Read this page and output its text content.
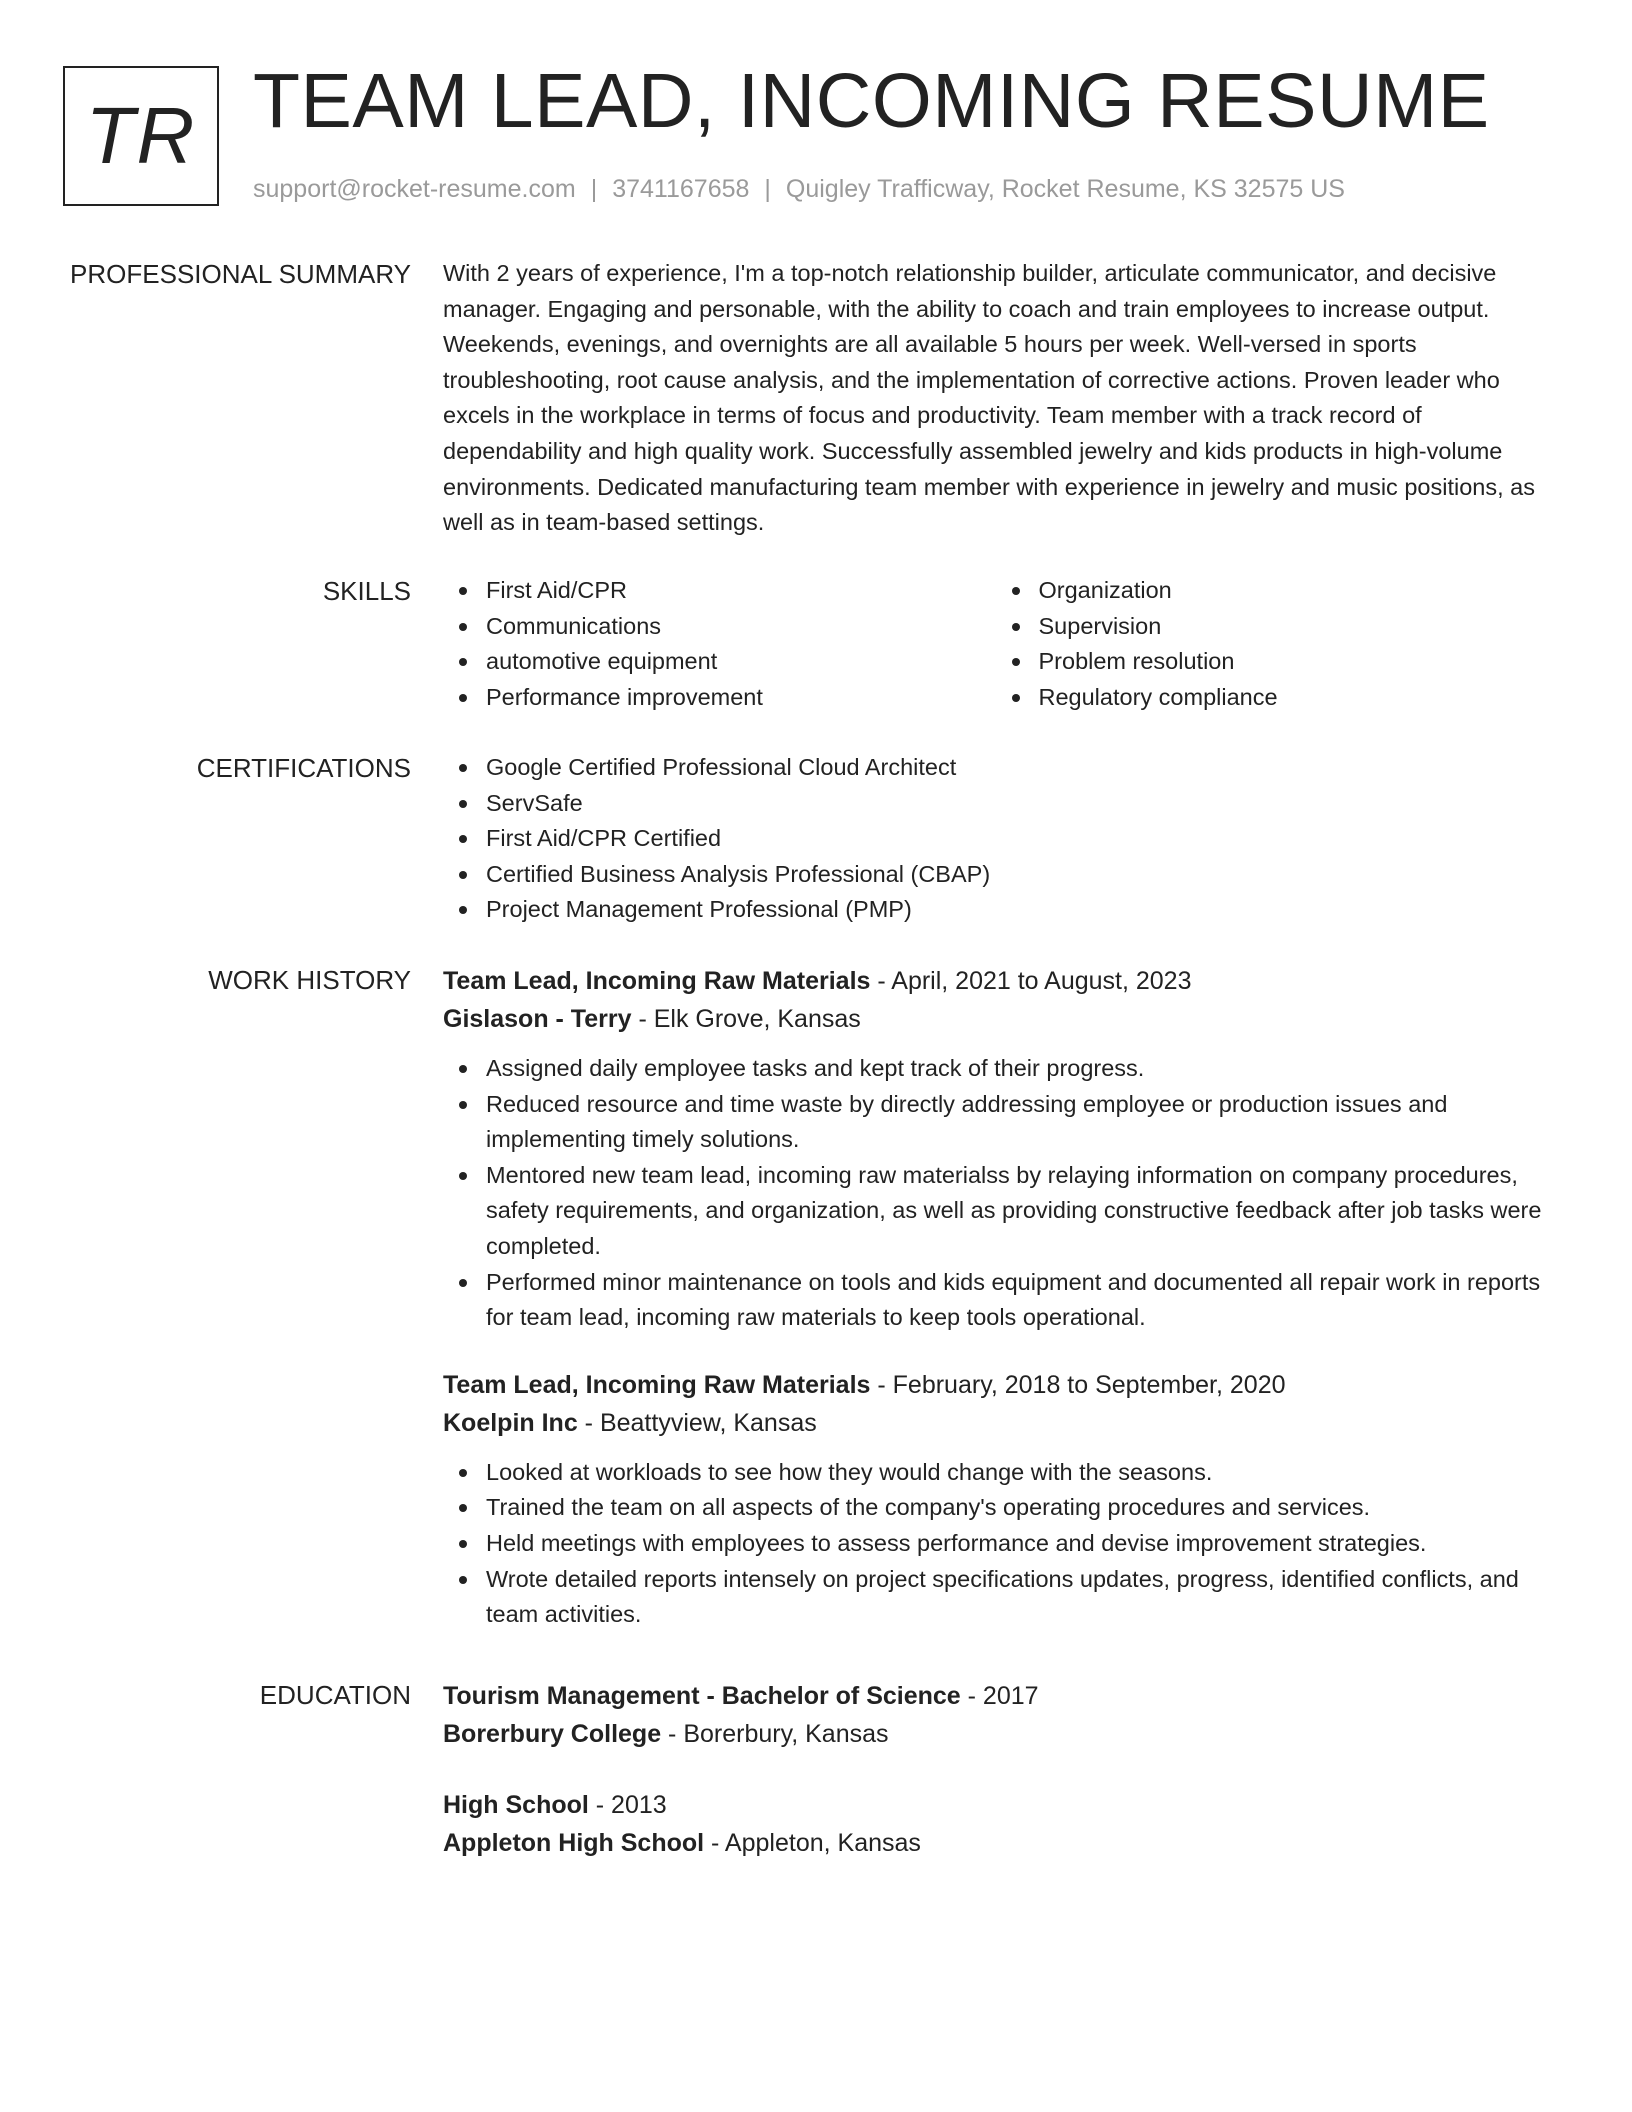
TR TEAM LEAD, INCOMING RESUME
support@rocket-resume.com | 3741167658 | Quigley Trafficway, Rocket Resume, KS 32575 US
PROFESSIONAL SUMMARY With 2 years of experience, I'm a top-notch relationship builder, articulate communicator, and decisive manager. Engaging and personable, with the ability to coach and train employees to increase output. Weekends, evenings, and overnights are all available 5 hours per week. Well-versed in sports troubleshooting, root cause analysis, and the implementation of corrective actions. Proven leader who excels in the workplace in terms of focus and productivity. Team member with a track record of dependability and high quality work. Successfully assembled jewelry and kids products in high-volume environments. Dedicated manufacturing team member with experience in jewelry and music positions, as well as in team-based settings.

SKILLS	First Aid/CPR
Communications
automotive equipment
Performance improvement
Organization
Supervision
Problem resolution
Regulatory compliance
CERTIFICATIONS	Google Certified Professional Cloud Architect
ServSafe
First Aid/CPR Certified
Certified Business Analysis Professional (CBAP)
Project Management Professional (PMP)
WORK HISTORY Team Lead, Incoming Raw Materials - April, 2021 to August, 2023
Gislason - Terry - Elk Grove, Kansas
Assigned daily employee tasks and kept track of their progress.
Reduced resource and time waste by directly addressing employee or production issues and implementing timely solutions.
Mentored new team lead, incoming raw materialss by relaying information on company procedures, safety requirements, and organization, as well as providing constructive feedback after job tasks were completed.
Performed minor maintenance on tools and kids equipment and documented all repair work in reports for team lead, incoming raw materials to keep tools operational.
Team Lead, Incoming Raw Materials - February, 2018 to September, 2020
Koelpin Inc - Beattyview, Kansas
Looked at workloads to see how they would change with the seasons.
Trained the team on all aspects of the company's operating procedures and services.
Held meetings with employees to assess performance and devise improvement strategies.
Wrote detailed reports intensely on project specifications updates, progress, identified conflicts, and team activities.
EDUCATION Tourism Management - Bachelor of Science - 2017
Borerbury College - Borerbury, Kansas
High School - 2013
Appleton High School - Appleton, Kansas
